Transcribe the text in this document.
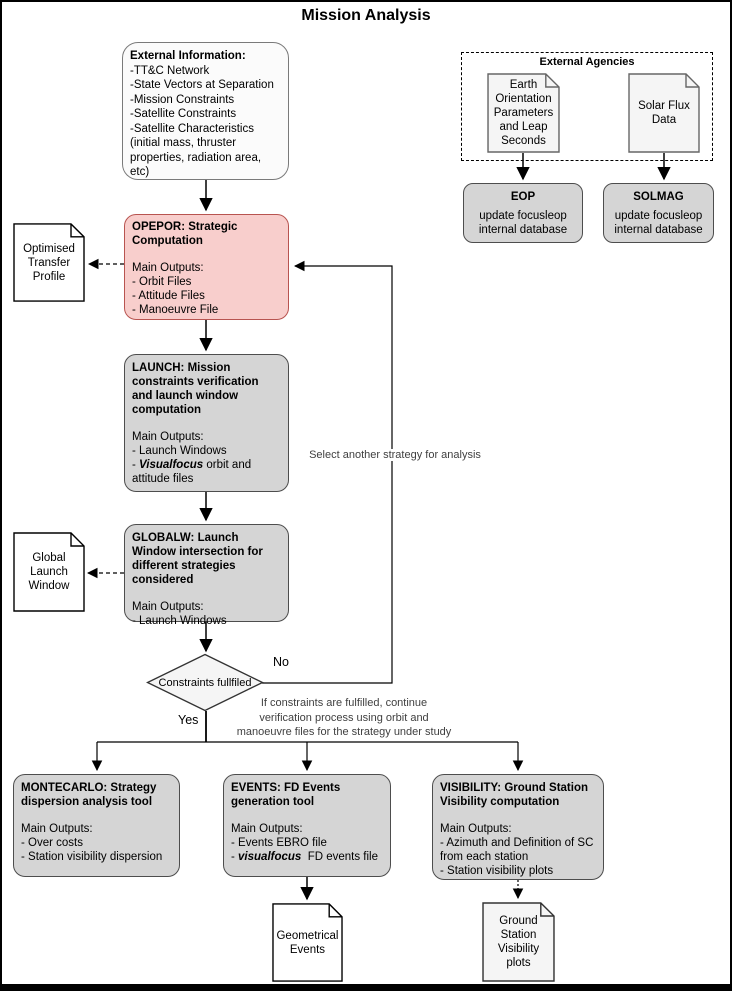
Mission Analysis
External Information:
-TT&C Network
-State Vectors at Separation
-Mission Constraints
-Satellite Constraints
-Satellite Characteristics (initial mass, thruster properties, radiation area, etc)
External Agencies
Earth Orientation Parameters and Leap Seconds
Solar Flux Data
EOP
update focusleop internal database
SOLMAG
update focusleop internal database
OPEPOR: Strategic Computation
Main Outputs:
- Orbit Files
- Attitude Files
- Manoeuvre File
Optimised Transfer Profile
LAUNCH: Mission constraints verification and launch window computation
Main Outputs:
- Launch Windows
- Visualfocus orbit and attitude files
GLOBALW: Launch Window intersection for different strategies considered
Main Outputs:
- Launch Windows
Global Launch Window
Constraints fullfiled
No
Yes
Select another strategy for analysis
If constraints are fulfilled, continue verification process using orbit and manoeuvre files for the strategy under study
MONTECARLO: Strategy dispersion analysis tool
Main Outputs:
- Over costs
- Station visibility dispersion
EVENTS: FD Events generation tool
Main Outputs:
- Events EBRO file
- visualfocus  FD events file
VISIBILITY: Ground Station Visibility computation
Main Outputs:
- Azimuth and Definition of SC from each station
- Station visibility plots
Geometrical Events
Ground Station Visibility plots
